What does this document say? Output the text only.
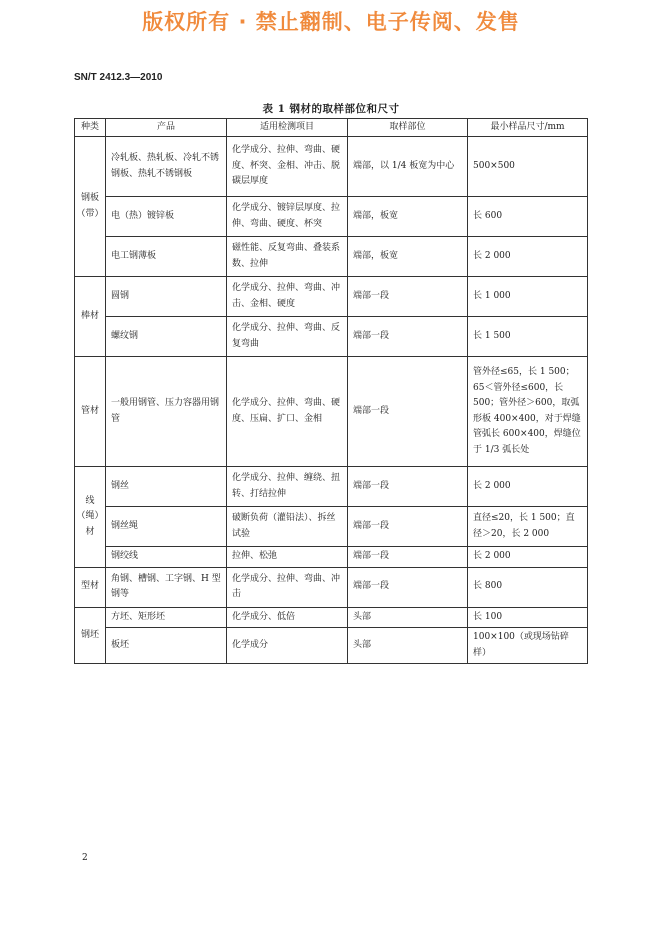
版权所有 · 禁止翻制、电子传阅、发售
SN/T 2412.3—2010
表 1 钢材的取样部位和尺寸
种类	产品	适用检测项目	取样部位	最小样品尺寸/mm
钢板（带）	冷轧板、热轧板、冷轧不锈钢板、热轧不锈钢板	化学成分、拉伸、弯曲、硬度、杯突、金相、冲击、脱碳层厚度	端部，以 1/4 板宽为中心	500×500
	电（热）镀锌板	化学成分、镀锌层厚度、拉伸、弯曲、硬度、杯突	端部，板宽	长 600
	电工钢薄板	磁性能、反复弯曲、叠装系数、拉伸	端部，板宽	长 2 000
棒材	圆钢	化学成分、拉伸、弯曲、冲击、金相、硬度	端部一段	长 1 000
	螺纹钢	化学成分、拉伸、弯曲、反复弯曲	端部一段	长 1 500
管材	一般用钢管、压力容器用钢管	化学成分、拉伸、弯曲、硬度、压扁、扩口、金相	端部一段	管外径≤65，长 1 500；65＜管外径≤600，长 500；管外径＞600，取弧形板 400×400，对于焊缝管弧长 600×400，焊缝位于 1/3 弧长处
线（绳）材	钢丝	化学成分、拉伸、缠绕、扭转、打结拉伸	端部一段	长 2 000
	钢丝绳	破断负荷（灌铅法）、拆丝试验	端部一段	直径≤20，长 1 500；直径＞20，长 2 000
	钢绞线	拉伸、松弛	端部一段	长 2 000
型材	角钢、槽钢、工字钢、H 型钢等	化学成分、拉伸、弯曲、冲击	端部一段	长 800
钢坯	方坯、矩形坯	化学成分、低倍	头部	长 100
	板坯	化学成分	头部	100×100（或现场钻碎样）
2
